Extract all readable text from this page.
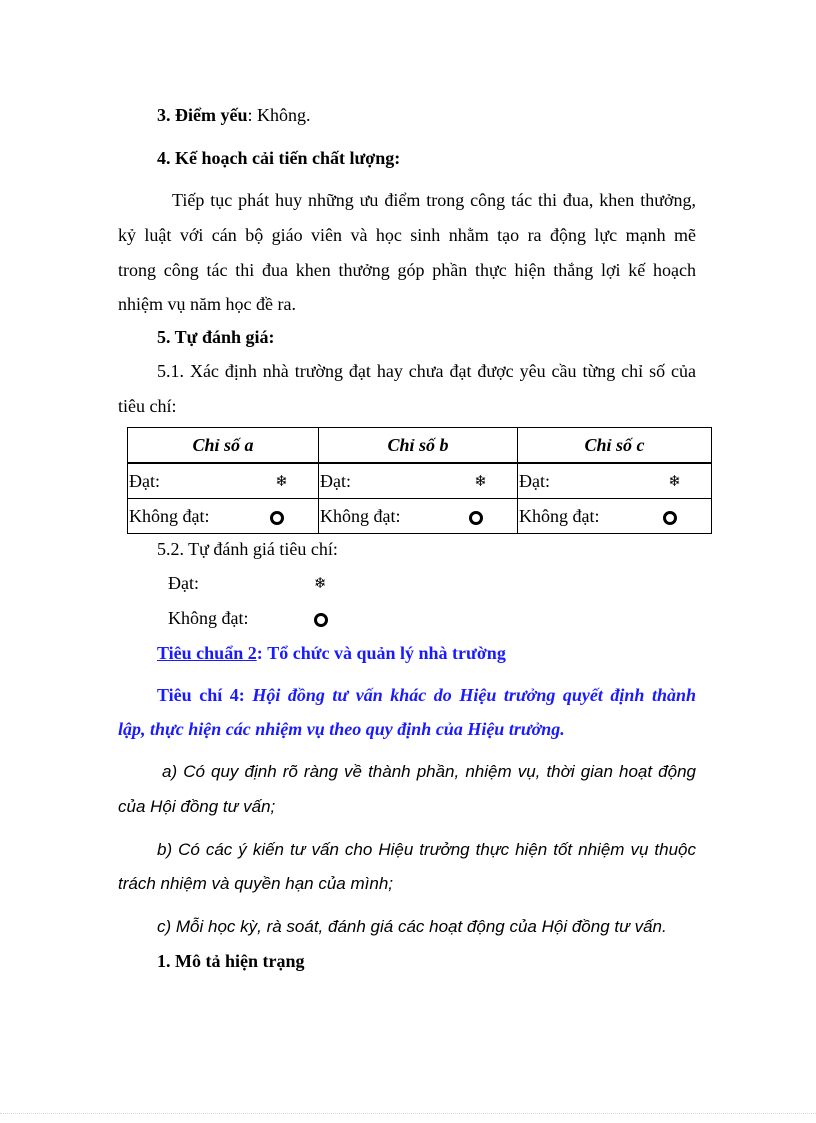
3. Điểm yếu: Không.
4. Kế hoạch cải tiến chất lượng:
Tiếp tục phát huy những ưu điểm trong công tác thi đua, khen thưởng,
kỷ luật với cán bộ giáo viên và học sinh nhằm tạo ra động lực mạnh mẽ
trong công tác thi đua khen thưởng góp phần thực hiện thắng lợi kế hoạch
nhiệm vụ năm học đề ra.
5. Tự đánh giá:
5.1. Xác định nhà trường đạt hay chưa đạt được yêu cầu từng chỉ số của
tiêu chí:
Chỉ số a	Chỉ số b	Chỉ số c

Đạt: ❄	Đạt: ❄	Đạt: ❄

Không đạt:	Không đạt:	Không đạt:
5.2. Tự đánh giá tiêu chí:
Đạt:	❄
Không đạt:
Tiêu chuẩn 2: Tổ chức và quản lý nhà trường
Tiêu chí 4: Hội đồng tư vấn khác do Hiệu trưởng quyết định thành
lập, thực hiện các nhiệm vụ theo quy định của Hiệu trưởng.
a) Có quy định rõ ràng về thành phần, nhiệm vụ, thời gian hoạt động
của Hội đồng tư vấn;
b) Có các ý kiến tư vấn cho Hiệu trưởng thực hiện tốt nhiệm vụ thuộc
trách nhiệm và quyền hạn của mình;
c) Mỗi học kỳ, rà soát, đánh giá các hoạt động của Hội đồng tư vấn.
1. Mô tả hiện trạng
